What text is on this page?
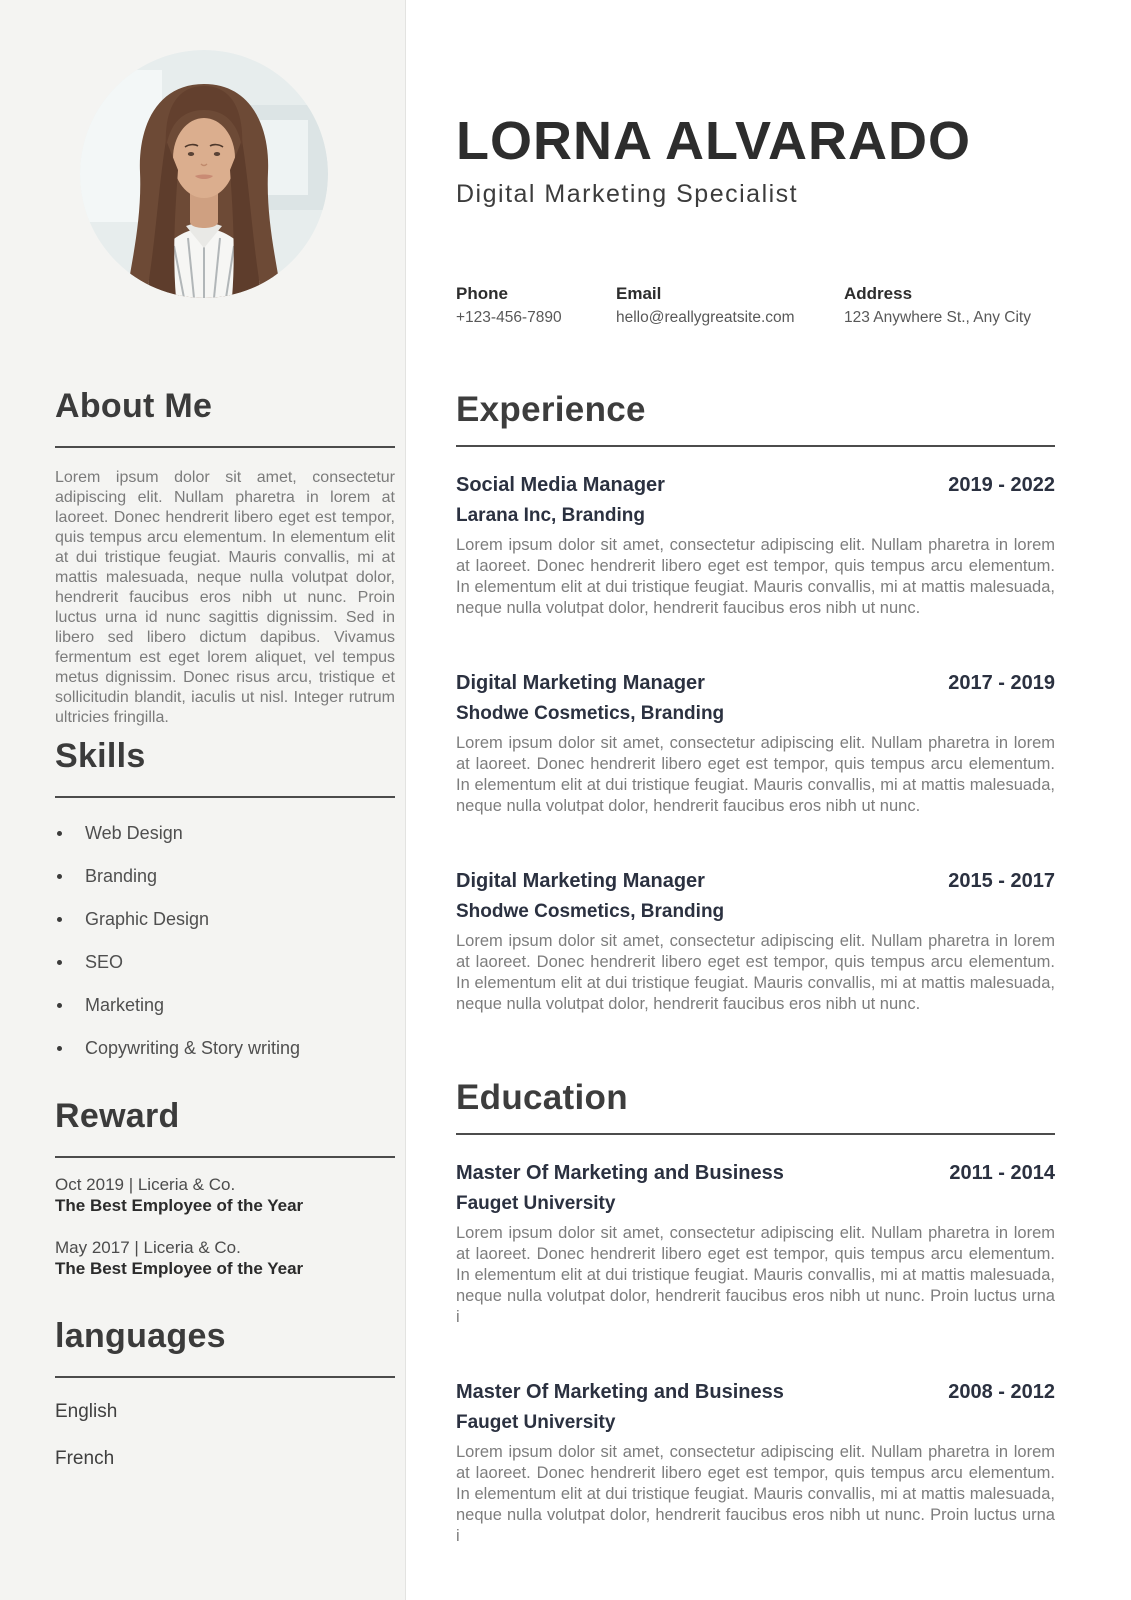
About Me

Lorem ipsum dolor sit amet, consectetur adipiscing elit. Nullam pharetra in lorem at laoreet. Donec hendrerit libero eget est tempor, quis tempus arcu elementum. In elementum elit at dui tristique feugiat. Mauris convallis, mi at mattis malesuada, neque nulla volutpat dolor, hendrerit faucibus eros nibh ut nunc. Proin luctus urna id nunc sagittis dignissim. Sed in libero sed libero dictum dapibus. Vivamus fermentum est eget lorem aliquet, vel tempus metus dignissim. Donec risus arcu, tristique et sollicitudin blandit, iaculis ut nisl. Integer rutrum ultricies fringilla.

Skills
Web Design
Branding
Graphic Design
SEO
Marketing
Copywriting & Story writing
Reward
Oct 2019 | Liceria & Co.
The Best Employee of the Year
May 2017 | Liceria & Co.
The Best Employee of the Year
languages
English
French
LORNA ALVARADO
Digital Marketing Specialist
Phone
+123-456-7890
Email
hello@reallygreatsite.com
Address
123 Anywhere St., Any City
Experience
Social Media Manager	2019 - 2022
Larana Inc, Branding

Lorem ipsum dolor sit amet, consectetur adipiscing elit. Nullam pharetra in lorem at laoreet. Donec hendrerit libero eget est tempor, quis tempus arcu elementum. In elementum elit at dui tristique feugiat. Mauris convallis, mi at mattis malesuada, neque nulla volutpat dolor, hendrerit faucibus eros nibh ut nunc.

Digital Marketing Manager	2017 - 2019
Shodwe Cosmetics, Branding

Lorem ipsum dolor sit amet, consectetur adipiscing elit. Nullam pharetra in lorem at laoreet. Donec hendrerit libero eget est tempor, quis tempus arcu elementum. In elementum elit at dui tristique feugiat. Mauris convallis, mi at mattis malesuada, neque nulla volutpat dolor, hendrerit faucibus eros nibh ut nunc.

Digital Marketing Manager	2015 - 2017
Shodwe Cosmetics, Branding

Lorem ipsum dolor sit amet, consectetur adipiscing elit. Nullam pharetra in lorem at laoreet. Donec hendrerit libero eget est tempor, quis tempus arcu elementum. In elementum elit at dui tristique feugiat. Mauris convallis, mi at mattis malesuada, neque nulla volutpat dolor, hendrerit faucibus eros nibh ut nunc.

Education
Master Of Marketing and Business	2011 - 2014
Fauget University

Lorem ipsum dolor sit amet, consectetur adipiscing elit. Nullam pharetra in lorem at laoreet. Donec hendrerit libero eget est tempor, quis tempus arcu elementum. In elementum elit at dui tristique feugiat. Mauris convallis, mi at mattis malesuada, neque nulla volutpat dolor, hendrerit faucibus eros nibh ut nunc. Proin luctus urna i

Master Of Marketing and Business	2008 - 2012
Fauget University

Lorem ipsum dolor sit amet, consectetur adipiscing elit. Nullam pharetra in lorem at laoreet. Donec hendrerit libero eget est tempor, quis tempus arcu elementum. In elementum elit at dui tristique feugiat. Mauris convallis, mi at mattis malesuada, neque nulla volutpat dolor, hendrerit faucibus eros nibh ut nunc. Proin luctus urna i
